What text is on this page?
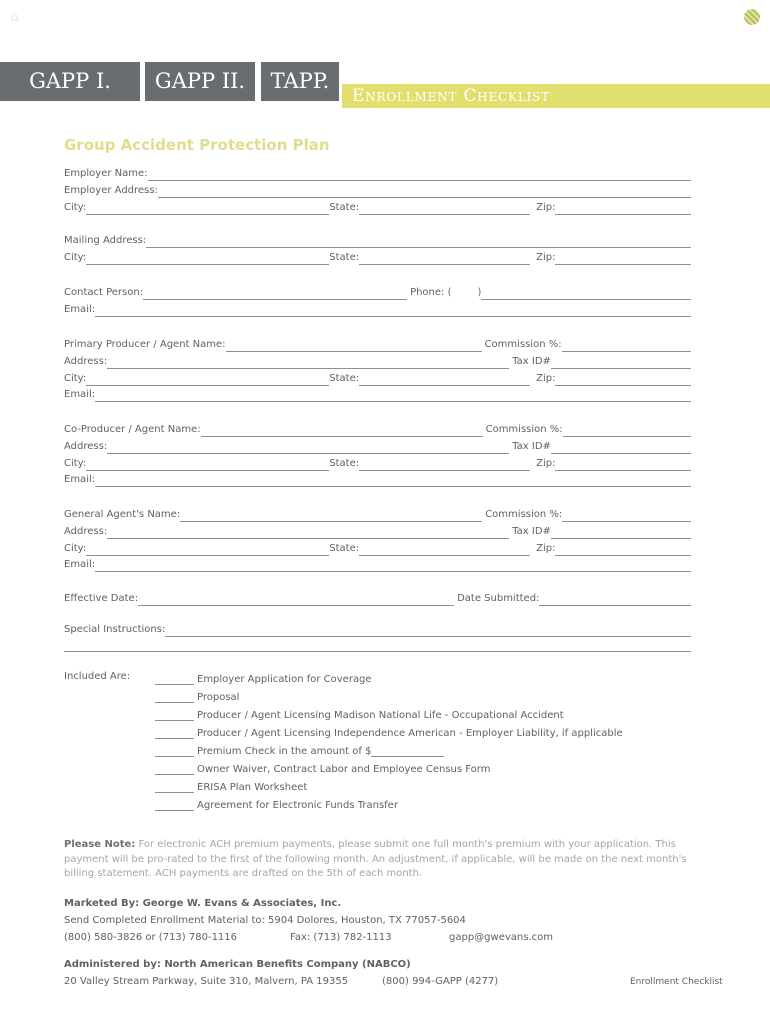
⌂
GAPP I.	GAPP II.	TAPP.
Enrollment Checklist
Group Accident Protection Plan
Employer Name:
Employer Address:
City:	State:	Zip:
Mailing Address:
City:	State:	Zip:
Contact Person:	Phone: (	)
Email:
Primary Producer / Agent Name:	Commission %:
Address:	Tax ID#
City:	State:	Zip:
Email:
Co-Producer / Agent Name:	Commission %:
Address:	Tax ID#
City:	State:	Zip:
Email:
General Agent's Name:	Commission %:
Address:	Tax ID#
City:	State:	Zip:
Email:
Effective Date:	Date Submitted:
Special Instructions:
Included Are:	Employer Application for Coverage
Proposal
Producer / Agent Licensing Madison National Life - Occupational Accident
Producer / Agent Licensing Independence American - Employer Liability, if applicable
Premium Check in the amount of $
Owner Waiver, Contract Labor and Employee Census Form
ERISA Plan Worksheet
Agreement for Electronic Funds Transfer
Please Note: For electronic ACH premium payments, please submit one full month's premium with your application. This payment will be pro-rated to the first of the following month. An adjustment, if applicable, will be made on the next month's billing statement. ACH payments are drafted on the 5th of each month.
Marketed By: George W. Evans & Associates, Inc.
Send Completed Enrollment Material to: 5904 Dolores, Houston, TX 77057-5604
(800) 580-3826 or (713) 780-1116	Fax: (713) 782-1113	gapp@gwevans.com
Administered by: North American Benefits Company (NABCO)
20 Valley Stream Parkway, Suite 310, Malvern, PA 19355	(800) 994-GAPP (4277)	Enrollment Checklist
